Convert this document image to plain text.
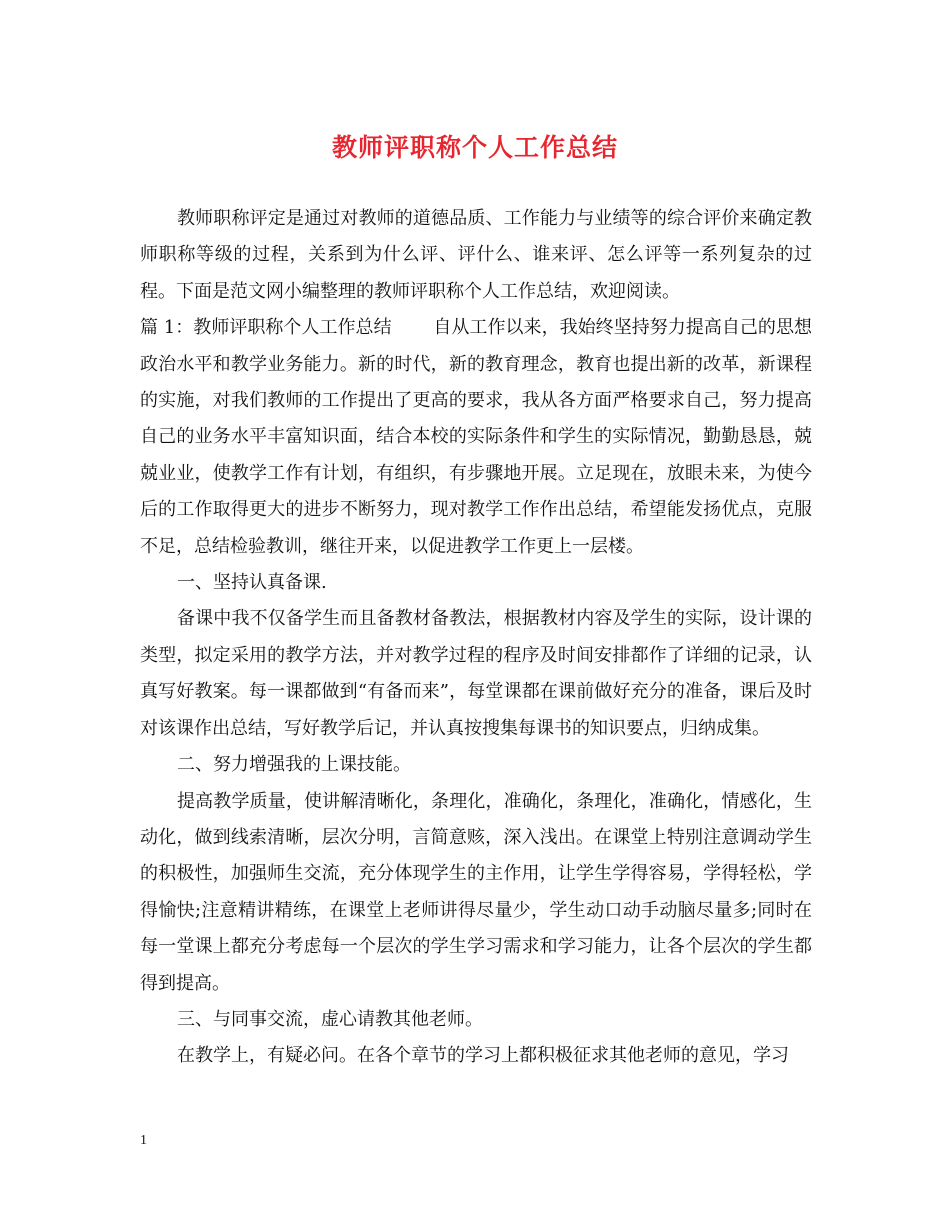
教师评职称个人工作总结

教师职称评定是通过对教师的道德品质、工作能力与业绩等的综合评价来确定教师职称等级的过程，关系到为什么评、评什么、谁来评、怎么评等一系列复杂的过程。下面是范文网小编整理的教师评职称个人工作总结，欢迎阅读。

篇 1：教师评职称个人工作总结　　 自从工作以来，我始终坚持努力提高自己的思想政治水平和教学业务能力。新的时代，新的教育理念，教育也提出新的改革，新课程的实施，对我们教师的工作提出了更高的要求，我从各方面严格要求自己，努力提高自己的业务水平丰富知识面，结合本校的实际条件和学生的实际情况，勤勤恳恳，兢兢业业，使教学工作有计划，有组织，有步骤地开展。立足现在，放眼未来，为使今后的工作取得更大的进步不断努力，现对教学工作作出总结，希望能发扬优点，克服不足，总结检验教训，继往开来，以促进教学工作更上一层楼。

一、坚持认真备课.

备课中我不仅备学生而且备教材备教法，根据教材内容及学生的实际，设计课的类型，拟定采用的教学方法，并对教学过程的程序及时间安排都作了详细的记录，认真写好教案。每一课都做到“有备而来”，每堂课都在课前做好充分的准备，课后及时对该课作出总结，写好教学后记，并认真按搜集每课书的知识要点，归纳成集。

二、努力增强我的上课技能。

提高教学质量，使讲解清晰化，条理化，准确化，条理化，准确化，情感化，生动化，做到线索清晰，层次分明，言简意赅，深入浅出。在课堂上特别注意调动学生的积极性，加强师生交流，充分体现学生的主作用，让学生学得容易，学得轻松，学得愉快;注意精讲精练，在课堂上老师讲得尽量少，学生动口动手动脑尽量多;同时在每一堂课上都充分考虑每一个层次的学生学习需求和学习能力，让各个层次的学生都得到提高。

三、与同事交流，虚心请教其他老师。

在教学上，有疑必问。在各个章节的学习上都积极征求其他老师的意见，学习

1
